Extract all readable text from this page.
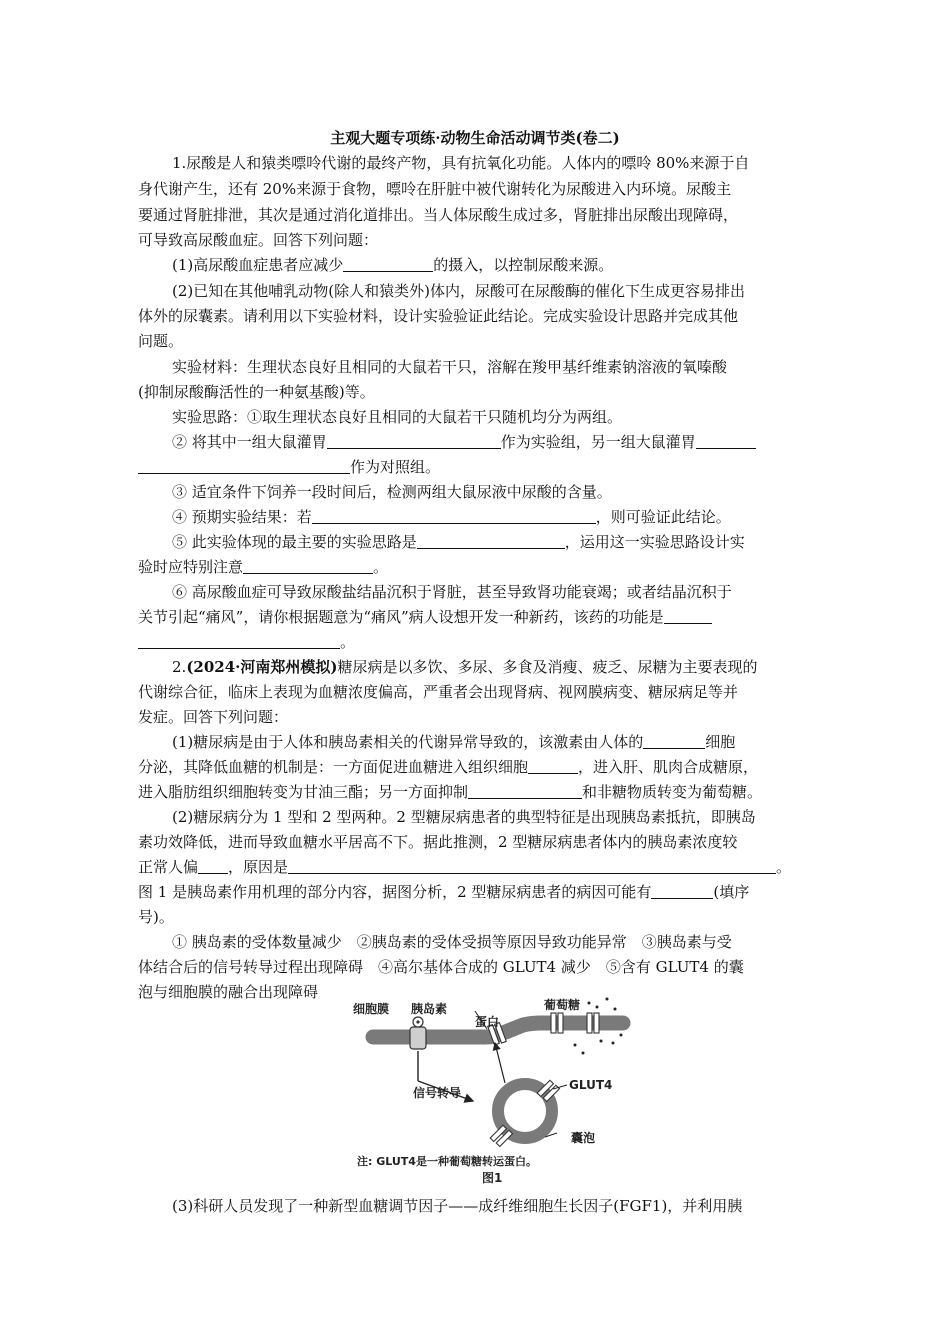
主观大题专项练·动物生命活动调节类(卷二)
1.尿酸是人和猿类嘌呤代谢的最终产物，具有抗氧化功能。人体内的嘌呤 80%来源于自
身代谢产生，还有 20%来源于食物，嘌呤在肝脏中被代谢转化为尿酸进入内环境。尿酸主
要通过肾脏排泄，其次是通过消化道排出。当人体尿酸生成过多，肾脏排出尿酸出现障碍，
可导致高尿酸血症。回答下列问题：
(1)高尿酸血症患者应减少	的摄入，以控制尿酸来源。
(2)已知在其他哺乳动物(除人和猿类外)体内，尿酸可在尿酸酶的催化下生成更容易排出
体外的尿囊素。请利用以下实验材料，设计实验验证此结论。完成实验设计思路并完成其他
问题。
实验材料：生理状态良好且相同的大鼠若干只，溶解在羧甲基纤维素钠溶液的氧嗪酸
(抑制尿酸酶活性的一种氨基酸)等。
实验思路：①取生理状态良好且相同的大鼠若干只随机均分为两组。
② 将其中一组大鼠灌胃	作为实验组，另一组大鼠灌胃
作为对照组。
③ 适宜条件下饲养一段时间后，检测两组大鼠尿液中尿酸的含量。
④ 预期实验结果：若	，则可验证此结论。
⑤ 此实验体现的最主要的实验思路是	，运用这一实验思路设计实
验时应特别注意	。
⑥ 高尿酸血症可导致尿酸盐结晶沉积于肾脏，甚至导致肾功能衰竭；或者结晶沉积于
关节引起“痛风”，请你根据题意为“痛风”病人设想开发一种新药，该药的功能是
。
2.(2024·河南郑州模拟)糖尿病是以多饮、多尿、多食及消瘦、疲乏、尿糖为主要表现的
代谢综合征，临床上表现为血糖浓度偏高，严重者会出现肾病、视网膜病变、糖尿病足等并
发症。回答下列问题：
(1)糖尿病是由于人体和胰岛素相关的代谢异常导致的，该激素由人体的	细胞
分泌，其降低血糖的机制是：一方面促进血糖进入组织细胞	，进入肝、肌肉合成糖原，
进入脂肪组织细胞转变为甘油三酯；另一方面抑制	和非糖物质转变为葡萄糖。
(2)糖尿病分为 1 型和 2 型两种。2 型糖尿病患者的典型特征是出现胰岛素抵抗，即胰岛
素功效降低，进而导致血糖水平居高不下。据此推测，2 型糖尿病患者体内的胰岛素浓度较
正常人偏 ，原因是	。
图 1 是胰岛素作用机理的部分内容，据图分析，2 型糖尿病患者的病因可能有	(填序
号)。
① 胰岛素的受体数量减少　②胰岛素的受体受损等原因导致功能异常　③胰岛素与受
体结合后的信号转导过程出现障碍　④高尔基体合成的 GLUT4 减少　⑤含有 GLUT4 的囊
泡与细胞膜的融合出现障碍
细胞膜 胰岛素
蛋白
葡萄糖
信号转导
GLUT4
囊泡
注: GLUT4是一种葡萄糖转运蛋白。
图1
(3)科研人员发现了一种新型血糖调节因子——成纤维细胞生长因子(FGF1)，并利用胰
